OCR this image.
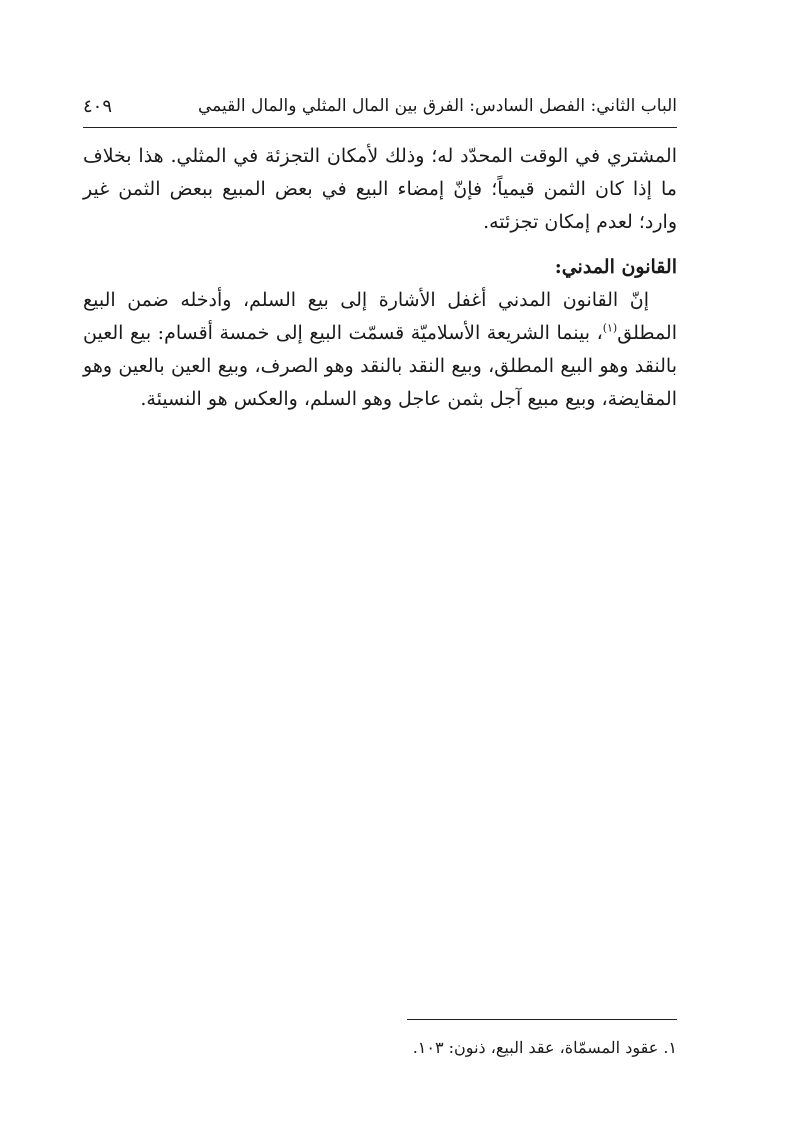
الباب الثاني: الفصل السادس: الفرق بين المال المثلي والمال القيمي
٤٠٩

المشتري في الوقت المحدّد له؛ وذلك لأمكان التجزئة في المثلي. هذا بخلاف ما إذا كان الثمن قيمياً؛ فإنّ إمضاء البيع في بعض المبيع ببعض الثمن غير وارد؛ لعدم إمكان تجزئته.

القانون المدني:

إنّ القانون المدني أغفل الأشارة إلى بيع السلم، وأدخله ضمن البيع المطلق$^{(١)}$، بينما الشريعة الأسلاميّة قسمّت البيع إلى خمسة أقسام: بيع العين بالنقد وهو البيع المطلق، وبيع النقد بالنقد وهو الصرف، وبيع العين بالعين وهو المقايضة، وبيع مبيع آجل بثمن عاجل وهو السلم، والعكس هو النسيئة.

١. عقود المسمّاة، عقد البيع، ذنون: ١٠٣.
